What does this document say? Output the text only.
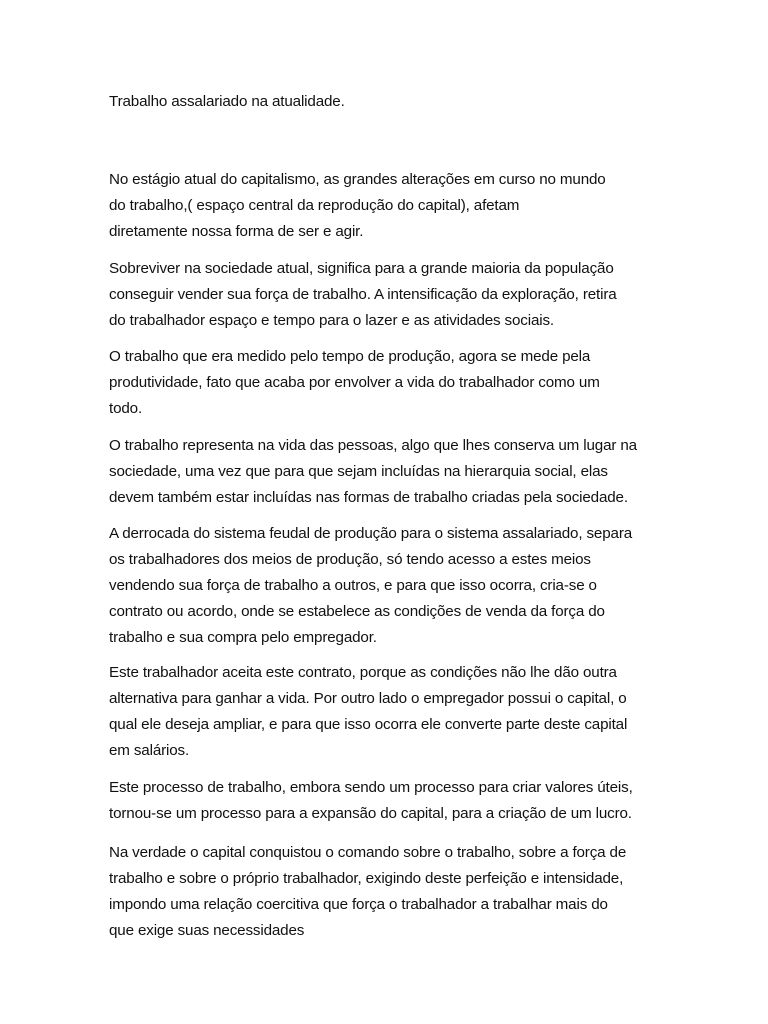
Trabalho assalariado na atualidade.

No estágio atual do capitalismo, as grandes alterações em curso no mundo
do trabalho,( espaço central da reprodução do capital), afetam
diretamente nossa forma de ser e agir.

Sobreviver na sociedade atual, significa para a grande maioria da população
conseguir vender sua força de trabalho. A intensificação da exploração, retira
do trabalhador espaço e tempo para o lazer e as atividades sociais.

O trabalho que era medido pelo tempo de produção, agora se mede pela
produtividade, fato que acaba por envolver a vida do trabalhador como um
todo.

O trabalho representa na vida das pessoas, algo que lhes conserva um lugar na
sociedade, uma vez que para que sejam incluídas na hierarquia social, elas
devem também estar incluídas nas formas de trabalho criadas pela sociedade.

A derrocada do sistema feudal de produção para o sistema assalariado, separa
os trabalhadores dos meios de produção, só tendo acesso a estes meios
vendendo sua força de trabalho a outros, e para que isso ocorra, cria-se o
contrato ou acordo, onde se estabelece as condições de venda da força do
trabalho e sua compra pelo empregador.

Este trabalhador aceita este contrato, porque as condições não lhe dão outra
alternativa para ganhar a vida. Por outro lado o empregador possui o capital, o
qual ele deseja ampliar, e para que isso ocorra ele converte parte deste capital
em salários.

Este processo de trabalho, embora sendo um processo para criar valores úteis,
tornou-se um processo para a expansão do capital, para a criação de um lucro.

Na verdade o capital conquistou o comando sobre o trabalho, sobre a força de
trabalho e sobre o próprio trabalhador, exigindo deste perfeição e intensidade,
impondo uma relação coercitiva que força o trabalhador a trabalhar mais do
que exige suas necessidades
